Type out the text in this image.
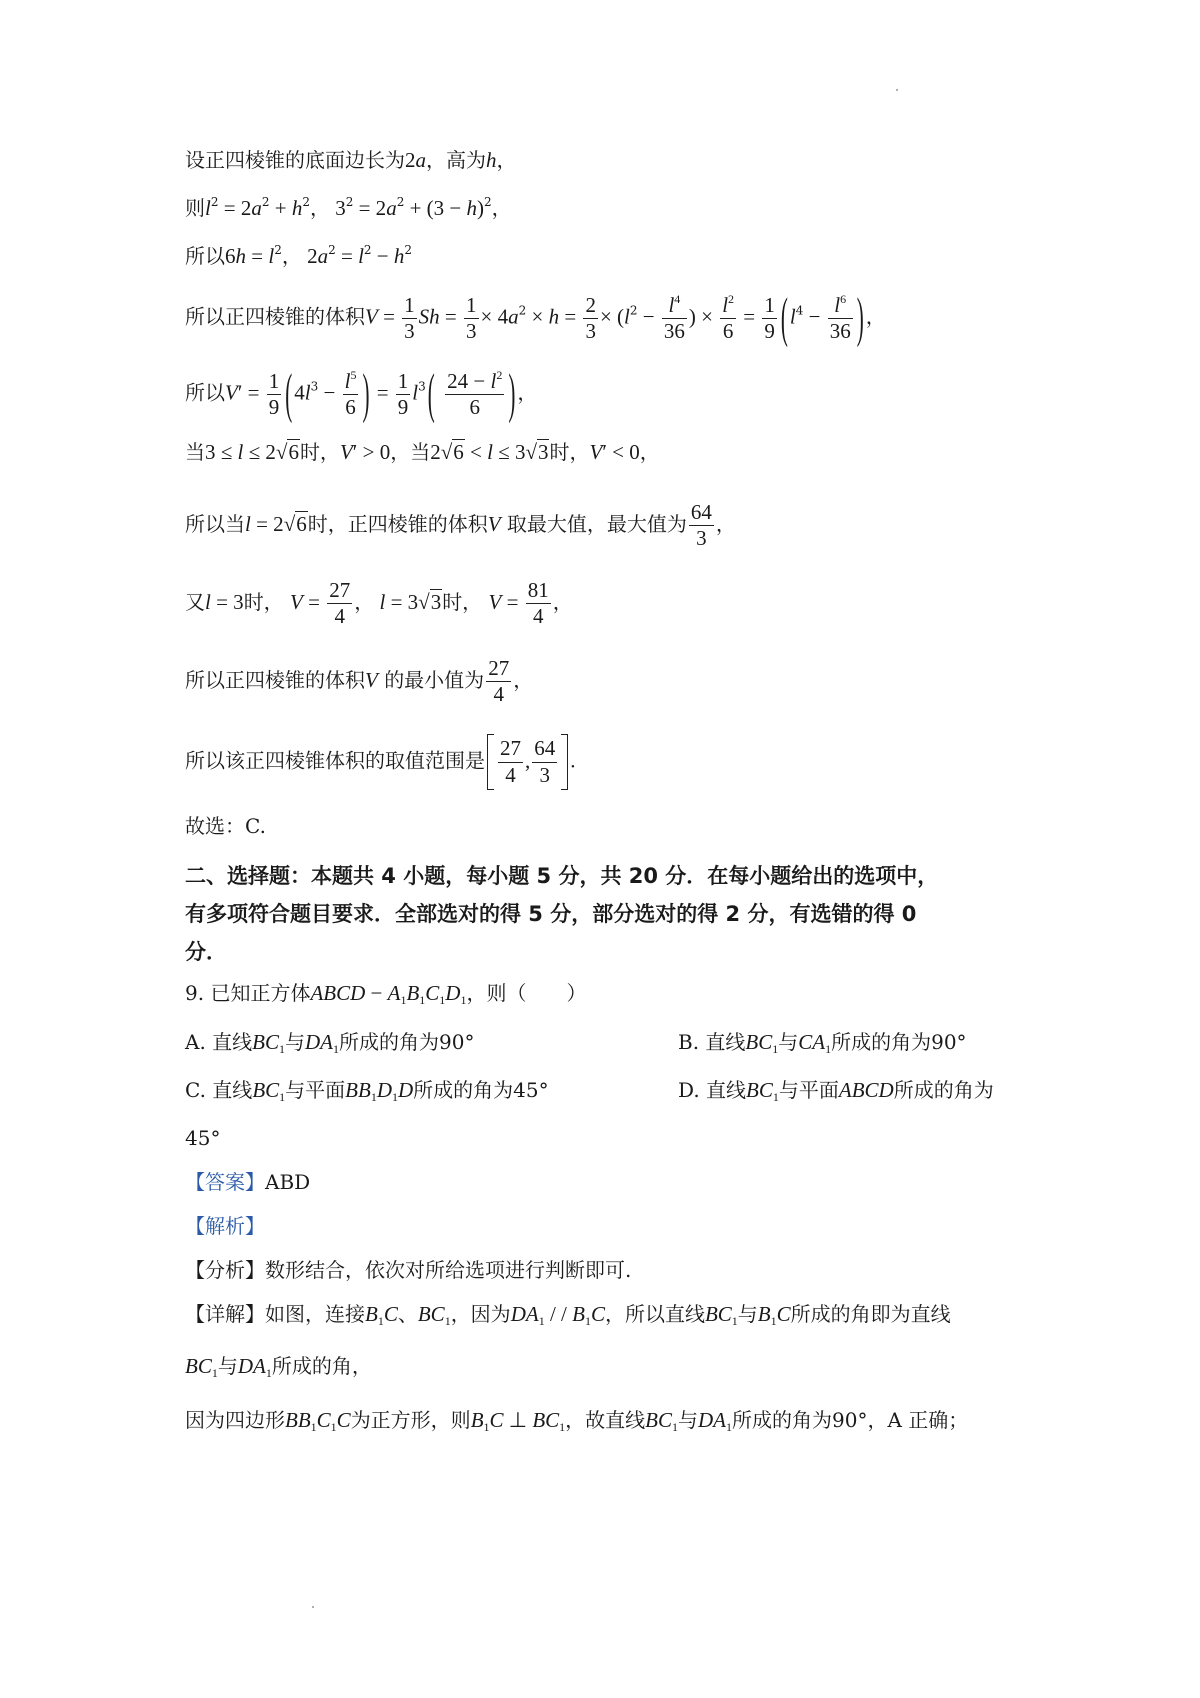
设正四棱锥的底面边长为2a，高为h，
则$l^2 = 2a^2 + h^2$， $3^2 = 2a^2 + (3 - h)^2$，
所以$6h = l^2$， $2a^2 = l^2 - h^2$
所以正四棱锥的体积$V = \frac{1}{3}$ $Sh = \frac{1}{3} \times 4a^2 \times h = \frac{2}{3} \times (l^2 - \frac{l^4}{36}$ ) × $\frac{l^2}{6} = \frac{1}{9} (l^4 - \frac{l^6}{36}$ ) ，
所以$V' = \frac{1}{9} (4l^3 - \frac{l^5}{6}$ ) = $\frac{1}{9} l^3( \frac{24 - l^2}{6}$ ) ，
当3 ≤ l ≤ 2√6时，V′ > 0，当2√6 < l ≤ 3√3时，V′ < 0，
所以当l = 2√6时，正四棱锥的体积V 取最大值，最大值为 $\frac{64}{3}$ ，
又l = 3时， $V = \frac{27}{4}$ ， l = 3√3时， $V = \frac{81}{4}$ ，
所以正四棱锥的体积V 的最小值为 $\frac{27}{4}$ ，
所以该正四棱锥体积的取值范围是 $\frac{27}{4}$ , $\frac{64}{3}$ .
故选：C.
二、选择题：本题共 4 小题，每小题 5 分，共 20 分．在每小题给出的选项中，
有多项符合题目要求．全部选对的得 5 分，部分选对的得 2 分，有选错的得 0
分．
9. 已知正方体ABCD − $A_1B_1C_1D_1$，则（　　）
A. 直线$BC_1$与$DA_1$所成的角为90°	B. 直线$BC_1$与$CA_1$所成的角为90°
C. 直线$BC_1$与平面$BB_1D_1D$所成的角为45°	D. 直线$BC_1$与平面ABCD所成的角为
45°
【答案】ABD
【解析】
【分析】数形结合，依次对所给选项进行判断即可.
【详解】如图，连接$B_1C$、$BC_1$，因为$DA_1$ / / $B_1C$，所以直线$BC_1$与$B_1C$所成的角即为直线
$BC_1$与$DA_1$所成的角，
因为四边形$BB_1C_1C$为正方形，则$B_1C$ ⊥ $BC_1$，故直线$BC_1$与$DA_1$所成的角为90°，A 正确；
